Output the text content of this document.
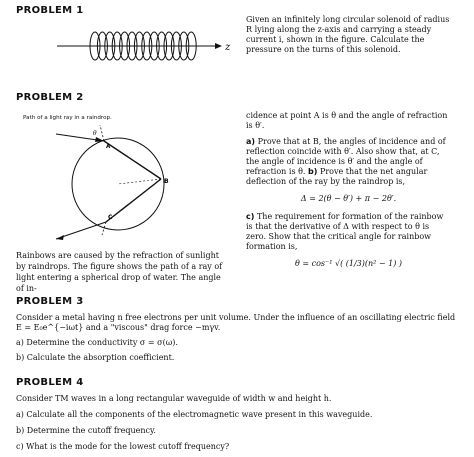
PROBLEM 1
z
Given an infinitely long circular solenoid of radius R lying along the z-axis and carrying a steady current i, shown in the figure. Calculate the pressure on the turns of this solenoid.
PROBLEM 2
Path of a light ray in a raindrop.
θ
A
B
C
Rainbows are caused by the refraction of sunlight by raindrops. The figure shows the path of a ray of light entering a spherical drop of water. The angle of in-
cidence at point A is θ and the angle of refraction is θ′.
a) Prove that at B, the angles of incidence and of reflection coincide with θ′. Also show that, at C, the angle of incidence is θ′ and the angle of refraction is θ. b) Prove that the net angular deflection of the ray by the raindrop is,
Δ = 2(θ − θ′) + π − 2θ′.
c) The requirement for formation of the rainbow is that the derivative of Δ with respect to θ is zero. Show that the critical angle for rainbow formation is,
θ = cos⁻¹ √( (1/3)(n² − 1) )
PROBLEM 3
Consider a metal having n free electrons per unit volume. Under the influence of an oscillating electric field
E = E₀e^{−iωt} and a "viscous" drag force −mγv.
a) Determine the conductivity σ = σ(ω).
b) Calculate the absorption coefficient.
PROBLEM 4
Consider TM waves in a long rectangular waveguide of width w and height h.
a) Calculate all the components of the electromagnetic wave present in this waveguide.
b) Determine the cutoff frequency.
c) What is the mode for the lowest cutoff frequency?
